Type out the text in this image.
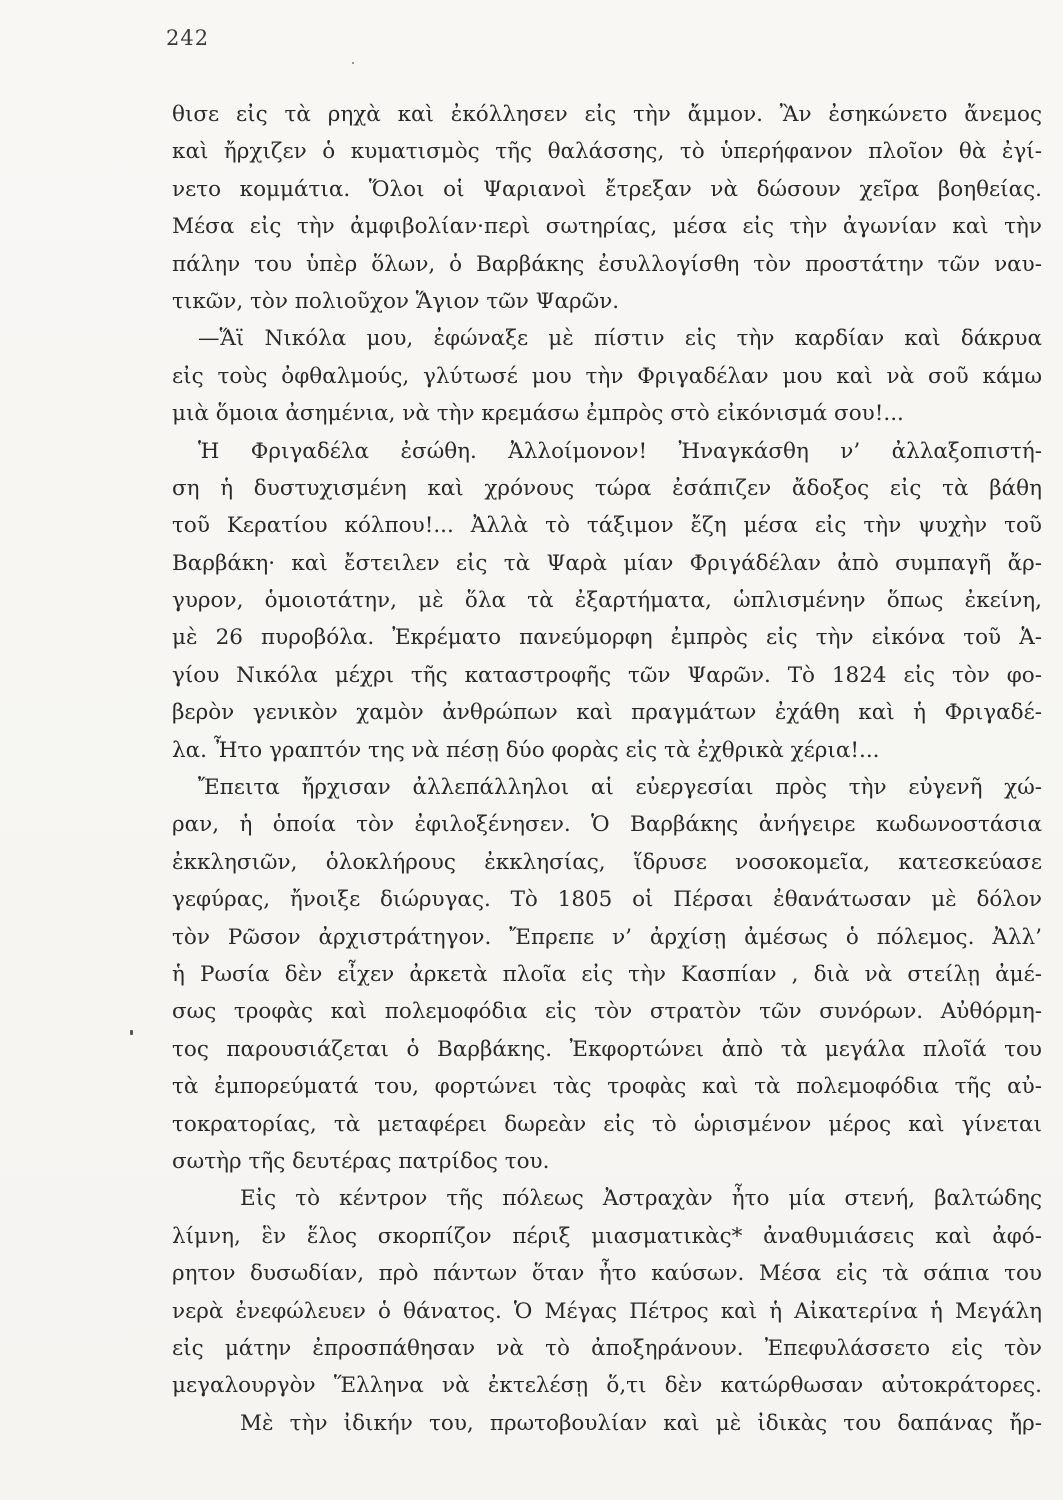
242
θισε εἰς τὰ ρηχὰ καὶ ἐκόλλησεν εἰς τὴν ἄμμον. Ἂν ἐσηκώνετο ἄνεμος
καὶ ἤρχιζεν ὁ κυματισμὸς τῆς θαλάσσης, τὸ ὑπερήφανον πλοῖον θὰ ἐγί-
νετο κομμάτια. Ὅλοι οἱ Ψαριανοὶ ἔτρεξαν νὰ δώσουν χεῖρα βοηθείας.
Μέσα εἰς τὴν ἀμφιβολίαν·περὶ σωτηρίας, μέσα εἰς τὴν ἀγωνίαν καὶ τὴν
πάλην του ὑπὲρ ὅλων, ὁ Βαρβάκης ἐσυλλογίσθη τὸν προστάτην τῶν ναυ-
τικῶν, τὸν πολιοῦχον Ἅγιον τῶν Ψαρῶν.
—Ἅϊ Νικόλα μου, ἐφώναξε μὲ πίστιν εἰς τὴν καρδίαν καὶ δάκρυα
εἰς τοὺς ὀφθαλμούς, γλύτωσέ μου τὴν Φριγαδέλαν μου καὶ νὰ σοῦ κάμω
μιὰ ὅμοια ἀσημένια, νὰ τὴν κρεμάσω ἐμπρὸς στὸ εἰκόνισμά σου!...
Ἡ Φριγαδέλα ἐσώθη. Ἀλλοίμονον! Ἠναγκάσθη ν’ ἀλλαξοπιστή-
ση ἡ δυστυχισμένη καὶ χρόνους τώρα ἐσάπιζεν ἄδοξος εἰς τὰ βάθη
τοῦ Κερατίου κόλπου!... Ἀλλὰ τὸ τάξιμον ἔζη μέσα εἰς τὴν ψυχὴν τοῦ
Βαρβάκη· καὶ ἔστειλεν εἰς τὰ Ψαρὰ μίαν Φριγάδέλαν ἀπὸ συμπαγῆ ἄρ-
γυρον, ὁμοιοτάτην, μὲ ὅλα τὰ ἐξαρτήματα, ὡπλισμένην ὅπως ἐκείνη,
μὲ 26 πυροβόλα. Ἐκρέματο πανεύμορφη ἐμπρὸς εἰς τὴν εἰκόνα τοῦ Ἁ-
γίου Νικόλα μέχρι τῆς καταστροφῆς τῶν Ψαρῶν. Τὸ 1824 εἰς τὸν φο-
βερὸν γενικὸν χαμὸν ἀνθρώπων καὶ πραγμάτων ἐχάθη καὶ ἡ Φριγαδέ-
λα. Ἦτο γραπτόν της νὰ πέσῃ δύο φορὰς εἰς τὰ ἐχθρικὰ χέρια!...
Ἔπειτα ἤρχισαν ἀλλεπάλληλοι αἱ εὐεργεσίαι πρὸς τὴν εὐγενῆ χώ-
ραν, ἡ ὁποία τὸν ἐφιλοξένησεν. Ὁ Βαρβάκης ἀνήγειρε κωδωνοστάσια
ἐκκλησιῶν, ὁλοκλήρους ἐκκλησίας, ἵδρυσε νοσοκομεῖα, κατεσκεύασε
γεφύρας, ἤνοιξε διώρυγας. Τὸ 1805 οἱ Πέρσαι ἐθανάτωσαν μὲ δόλον
τὸν Ρῶσον ἀρχιστράτηγον. Ἔπρεπε ν’ ἀρχίσῃ ἀμέσως ὁ πόλεμος. Ἀλλ’
ἡ Ρωσία δὲν εἶχεν ἀρκετὰ πλοῖα εἰς τὴν Κασπίαν , διὰ νὰ στείλῃ ἀμέ-
σως τροφὰς καὶ πολεμοφόδια εἰς τὸν στρατὸν τῶν συνόρων. Αὐθόρμη-
τος παρουσιάζεται ὁ Βαρβάκης. Ἐκφορτώνει ἀπὸ τὰ μεγάλα πλοῖά του
τὰ ἐμπορεύματά του, φορτώνει τὰς τροφὰς καὶ τὰ πολεμοφόδια τῆς αὐ-
τοκρατορίας, τὰ μεταφέρει δωρεὰν εἰς τὸ ὡρισμένον μέρος καὶ γίνεται
σωτὴρ τῆς δευτέρας πατρίδος του.
Εἰς τὸ κέντρον τῆς πόλεως Ἀστραχὰν ἦτο μία στενή, βαλτώδης
λίμνη, ἓν ἕλος σκορπίζον πέριξ μιασματικὰς* ἀναθυμιάσεις καὶ ἀφό-
ρητον δυσωδίαν, πρὸ πάντων ὅταν ἦτο καύσων. Μέσα εἰς τὰ σάπια του
νερὰ ἐνεφώλευεν ὁ θάνατος. Ὁ Μέγας Πέτρος καὶ ἡ Αἰκατερίνα ἡ Μεγάλη
εἰς μάτην ἐπροσπάθησαν νὰ τὸ ἀποξηράνουν. Ἐπεφυλάσσετο εἰς τὸν
μεγαλουργὸν Ἕλληνα νὰ ἐκτελέσῃ ὅ,τι δὲν κατώρθωσαν αὐτοκράτορες.
Μὲ τὴν ἰδικήν του, πρωτοβουλίαν καὶ μὲ ἰδικὰς του δαπάνας ἤρ-
